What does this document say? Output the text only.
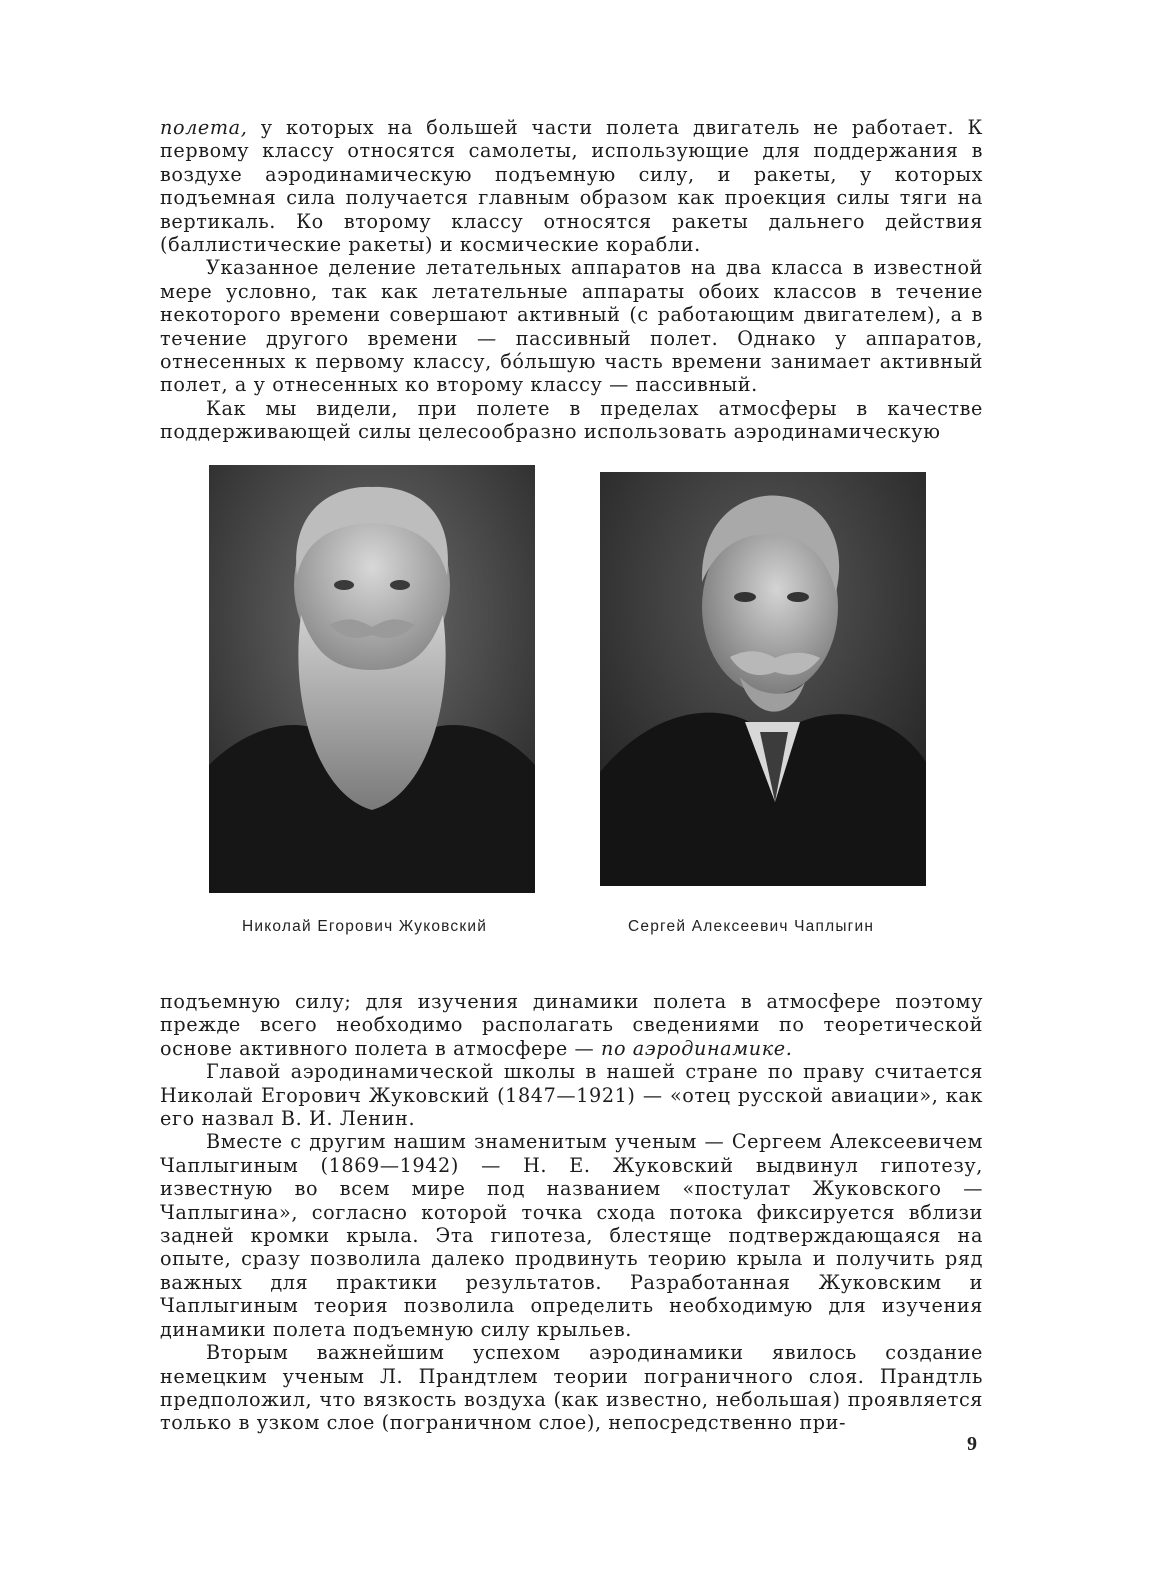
полета, у которых на большей части полета двигатель не работает. К первому классу относятся самолеты, использующие для поддержания в воздухе аэродинамическую подъемную силу, и ракеты, у которых подъемная сила получается главным образом как проекция силы тяги на вертикаль. Ко второму классу относятся ракеты дальнего действия (баллистические ракеты) и космические корабли.

Указанное деление летательных аппаратов на два класса в известной мере условно, так как летательные аппараты обоих классов в течение некоторого времени совершают активный (с работающим двигателем), а в течение другого времени — пассивный полет. Однако у аппаратов, отнесенных к первому классу, бо́льшую часть времени занимает активный полет, а у отнесенных ко второму классу — пассивный.

Как мы видели, при полете в пределах атмосферы в качестве поддерживающей силы целесообразно использовать аэродинамическую

Николай Егорович Жуковский	Сергей Алексеевич Чаплыгин

подъемную силу; для изучения динамики полета в атмосфере поэтому прежде всего необходимо располагать сведениями по теоретической основе активного полета в атмосфере — по аэродинамике.

Главой аэродинамической школы в нашей стране по праву считается Николай Егорович Жуковский (1847—1921) — «отец русской авиации», как его назвал В. И. Ленин.

Вместе с другим нашим знаменитым ученым — Сергеем Алексеевичем Чаплыгиным (1869—1942) — Н. Е. Жуковский выдвинул гипотезу, известную во всем мире под названием «постулат Жуковского — Чаплыгина», согласно которой точка схода потока фиксируется вблизи задней кромки крыла. Эта гипотеза, блестяще подтверждающаяся на опыте, сразу позволила далеко продвинуть теорию крыла и получить ряд важных для практики результатов. Разработанная Жуковским и Чаплыгиным теория позволила определить необходимую для изучения динамики полета подъемную силу крыльев.

Вторым важнейшим успехом аэродинамики явилось создание немецким ученым Л. Прандтлем теории пограничного слоя. Прандтль предположил, что вязкость воздуха (как известно, небольшая) проявляется только в узком слое (пограничном слое), непосредственно при-

9
